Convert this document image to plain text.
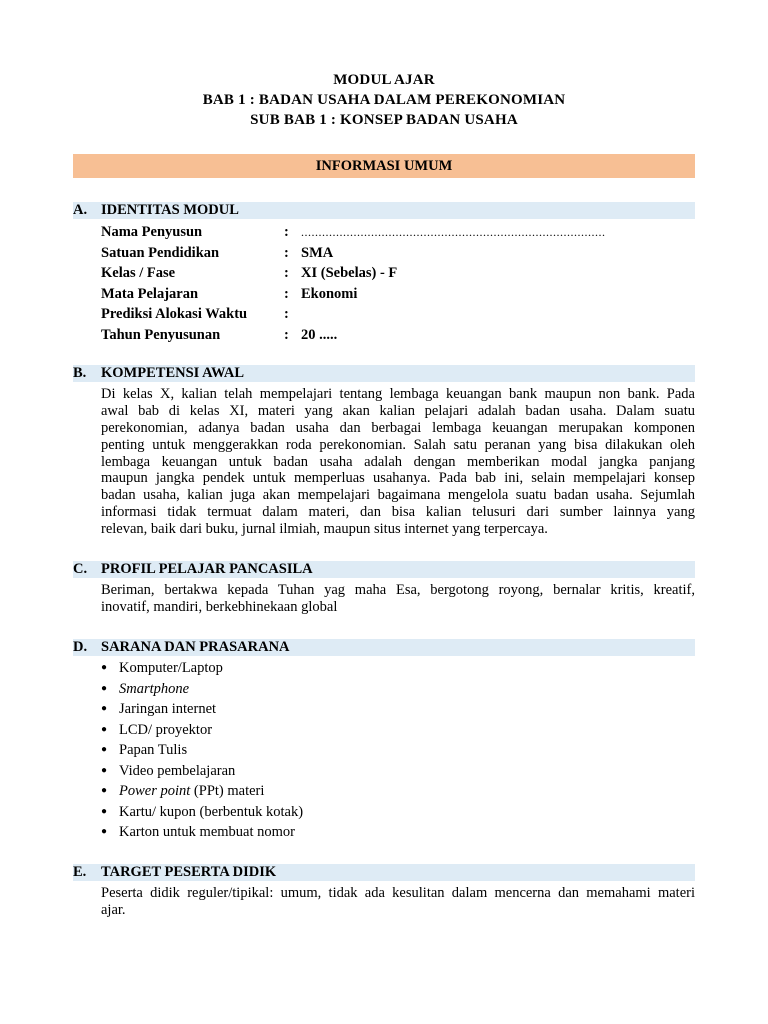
MODUL AJAR
BAB 1 : BADAN USAHA DALAM PEREKONOMIAN
SUB BAB 1 : KONSEP BADAN USAHA
INFORMASI UMUM
A. IDENTITAS MODUL
Nama Penyusun	: .......................................................................................
Satuan Pendidikan	: SMA
Kelas / Fase	: XI (Sebelas) - F
Mata Pelajaran	: Ekonomi
Prediksi Alokasi Waktu	:
Tahun Penyusunan	: 20 .....
B. KOMPETENSI AWAL
Di kelas X, kalian telah mempelajari tentang lembaga keuangan bank maupun non bank. Pada
awal bab di kelas XI, materi yang akan kalian pelajari adalah badan usaha. Dalam suatu
perekonomian, adanya badan usaha dan berbagai lembaga keuangan merupakan komponen
penting untuk menggerakkan roda perekonomian. Salah satu peranan yang bisa dilakukan oleh
lembaga keuangan untuk badan usaha adalah dengan memberikan modal jangka panjang
maupun jangka pendek untuk memperluas usahanya. Pada bab ini, selain mempelajari konsep
badan usaha, kalian juga akan mempelajari bagaimana mengelola suatu badan usaha. Sejumlah
informasi tidak termuat dalam materi, dan bisa kalian telusuri dari sumber lainnya yang
relevan, baik dari buku, jurnal ilmiah, maupun situs internet yang terpercaya.
C. PROFIL PELAJAR PANCASILA
Beriman, bertakwa kepada Tuhan yag maha Esa, bergotong royong, bernalar kritis, kreatif,
inovatif, mandiri, berkebhinekaan global
D. SARANA DAN PRASARANA
● Komputer/Laptop
● Smartphone
● Jaringan internet
● LCD/ proyektor
● Papan Tulis
● Video pembelajaran
● Power point (PPt) materi
● Kartu/ kupon (berbentuk kotak)
● Karton untuk membuat nomor
E. TARGET PESERTA DIDIK
Peserta didik reguler/tipikal: umum, tidak ada kesulitan dalam mencerna dan memahami materi
ajar.
